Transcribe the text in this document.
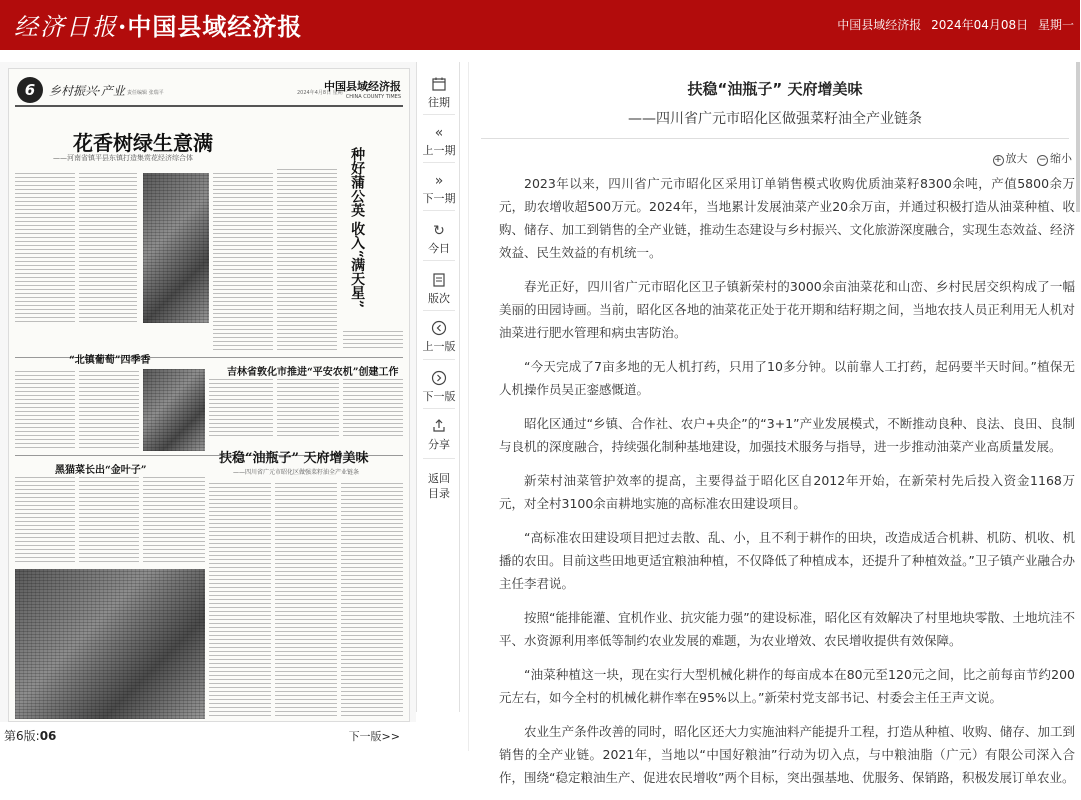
经济日报·中国县域经济报	中国县域经济报 2024年04月08日 星期一
6	乡村振兴·产业 责任编辑 张瑞平	2024年4月8日 星期一
中国县域经济报
CHINA COUNTY TIMES
花香树绿生意满
——河南省镇平县东镇打造集赏花经济综合体	种好蒲公英 收入“满天星”
吉林省敦化市推进“平安农机”创建工作
“北镇葡萄”四季香
黑猫菜长出“金叶子”
扶稳“油瓶子” 天府增美味
——四川省广元市昭化区做强菜籽油全产业链条
第6版:06	下一版>>
往期
«
上一期
»
下一期
↻
今日
版次
上一版
下一版
分享
返回
目录
扶稳“油瓶子” 天府增美味
——四川省广元市昭化区做强菜籽油全产业链条
+ 放大 − 缩小

2023年以来，四川省广元市昭化区采用订单销售模式收购优质油菜籽8300余吨，产值5800余万元，助农增收超500万元。2024年，当地累计发展油菜产业20余万亩，并通过积极打造从油菜种植、收购、储存、加工到销售的全产业链，推动生态建设与乡村振兴、文化旅游深度融合，实现生态效益、经济效益、民生效益的有机统一。

春光正好，四川省广元市昭化区卫子镇新荣村的3000余亩油菜花和山峦、乡村民居交织构成了一幅美丽的田园诗画。当前，昭化区各地的油菜花正处于花开期和结籽期之间，当地农技人员正利用无人机对油菜进行肥水管理和病虫害防治。

“今天完成了7亩多地的无人机打药，只用了10多分钟。以前靠人工打药，起码要半天时间。”植保无人机操作员吴正銮感慨道。

昭化区通过“乡镇、合作社、农户+央企”的“3+1”产业发展模式，不断推动良种、良法、良田、良制与良机的深度融合，持续强化制种基地建设，加强技术服务与指导，进一步推动油菜产业高质量发展。

新荣村油菜管护效率的提高，主要得益于昭化区自2012年开始，在新荣村先后投入资金1168万元，对全村3100余亩耕地实施的高标准农田建设项目。

“高标准农田建设项目把过去散、乱、小，且不利于耕作的田块，改造成适合机耕、机防、机收、机播的农田。目前这些田地更适宜粮油种植，不仅降低了种植成本，还提升了种植效益。”卫子镇产业融合办主任李君说。

按照“能排能灌、宜机作业、抗灾能力强”的建设标准，昭化区有效解决了村里地块零散、土地坑洼不平、水资源利用率低等制约农业发展的难题，为农业增效、农民增收提供有效保障。

“油菜种植这一块，现在实行大型机械化耕作的每亩成本在80元至120元之间，比之前每亩节约200元左右，如今全村的机械化耕作率在95%以上。”新荣村党支部书记、村委会主任王声文说。

农业生产条件改善的同时，昭化区还大力实施油料产能提升工程，打造从种植、收购、储存、加工到销售的全产业链。2021年，当地以“中国好粮油”行动为切入点，与中粮油脂（广元）有限公司深入合作，围绕“稳定粮油生产、促进农民增收”两个目标，突出强基地、优服务、保销路，积极发展订单农业。
